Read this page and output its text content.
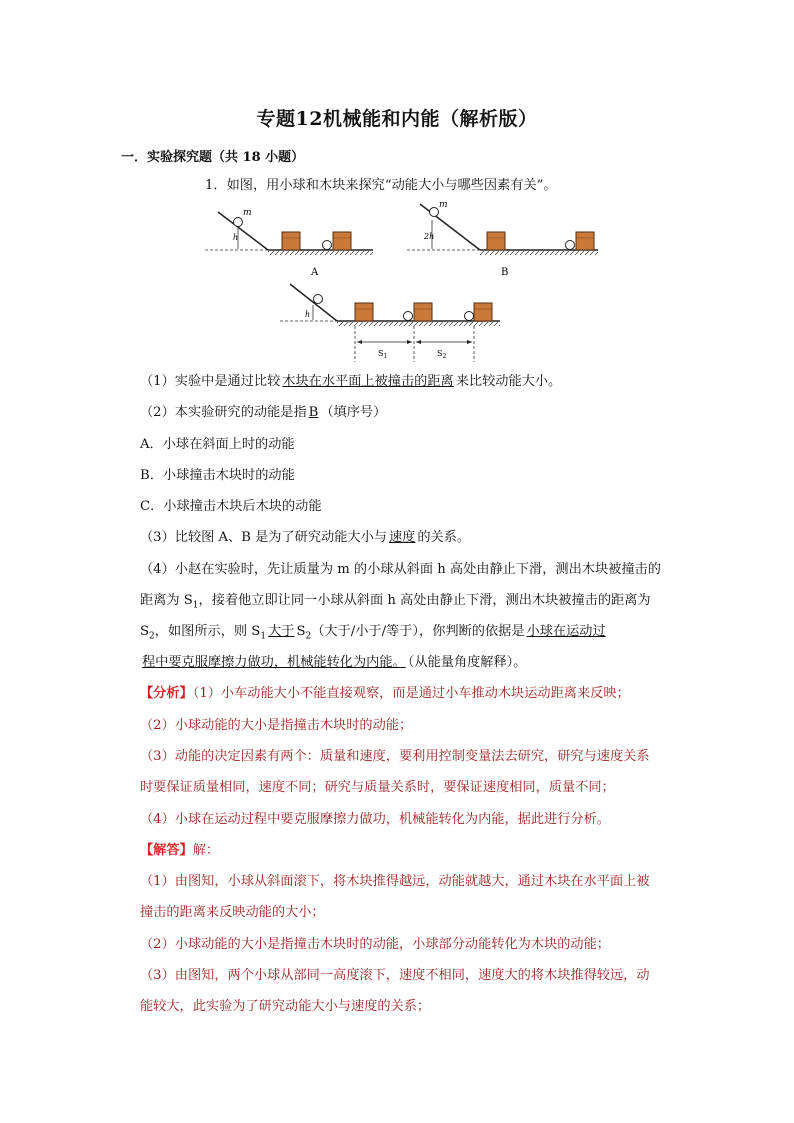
专题12机械能和内能（解析版）
一．实验探究题（共 18 小题）
1．如图，用小球和木块来探究“动能大小与哪些因素有关”。
h
m
A
2h
m
B
h
$S_1$	$S_2$
（1）实验中是通过比较 木块在水平面上被撞击的距离 来比较动能大小。
（2）本实验研究的动能是指 B （填序号）
A．小球在斜面上时的动能
B．小球撞击木块时的动能
C．小球撞击木块后木块的动能
（3）比较图 A、B 是为了研究动能大小与 速度 的关系。
（4）小赵在实验时，先让质量为 m 的小球从斜面 h 高处由静止下滑，测出木块被撞击的
距离为 $S_1$，接着他立即让同一小球从斜面 h 高处由静止下滑，测出木块被撞击的距离为
$S_2$，如图所示，则 $S_1$ 大于 $S_2$（大于/小于/等于），你判断的依据是 小球在运动过
程中要克服摩擦力做功，机械能转化为内能。 （从能量角度解释）。
【分析】（1）小车动能大小不能直接观察，而是通过小车推动木块运动距离来反映；
（2）小球动能的大小是指撞击木块时的动能；
（3）动能的决定因素有两个：质量和速度，要利用控制变量法去研究，研究与速度关系
时要保证质量相同，速度不同；研究与质量关系时，要保证速度相同，质量不同；
（4）小球在运动过程中要克服摩擦力做功，机械能转化为内能，据此进行分析。
【解答】解：
（1）由图知，小球从斜面滚下，将木块推得越远，动能就越大，通过木块在水平面上被
撞击的距离来反映动能的大小；
（2）小球动能的大小是指撞击木块时的动能，小球部分动能转化为木块的动能；
（3）由图知，两个小球从部同一高度滚下，速度不相同，速度大的将木块推得较远，动
能较大，此实验为了研究动能大小与速度的关系；
